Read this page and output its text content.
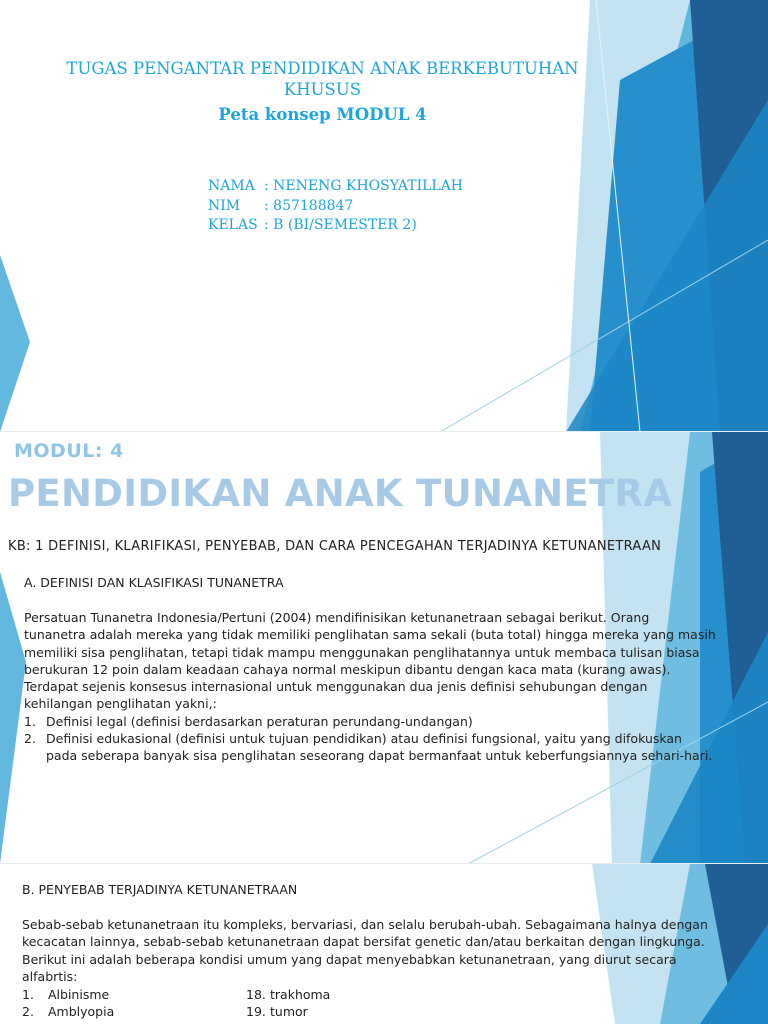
TUGAS PENGANTAR PENDIDIKAN ANAK BERKEBUTUHAN KHUSUS
Peta konsep MODUL 4
NAMA : NENENG KHOSYATILLAH
NIM	: 857188847
KELAS : B (BI/SEMESTER 2)
MODUL: 4
PENDIDIKAN ANAK TUNANETRA
KB: 1 DEFINISI, KLARIFIKASI, PENYEBAB, DAN CARA PENCEGAHAN TERJADINYA KETUNANETRAAN
A. DEFINISI DAN KLASIFIKASI TUNANETRA

Persatuan Tunanetra Indonesia/Pertuni (2004) mendifinisikan ketunanetraan sebagai berikut. Orang

tunanetra adalah mereka yang tidak memiliki penglihatan sama sekali (buta total) hingga mereka yang masih

memiliki sisa penglihatan, tetapi tidak mampu menggunakan penglihatannya untuk membaca tulisan biasa

berukuran 12 poin dalam keadaan cahaya normal meskipun dibantu dengan kaca mata (kurang awas).

Terdapat sejenis konsesus internasional untuk menggunakan dua jenis definisi sehubungan dengan

kehilangan penglihatan yakni,:

1. Definisi legal (definisi berdasarkan peraturan perundang-undangan)
2. Definisi edukasional (definisi untuk tujuan pendidikan) atau definisi fungsional, yaitu yang difokuskan
pada seberapa banyak sisa penglihatan seseorang dapat bermanfaat untuk keberfungsiannya sehari-hari.
B. PENYEBAB TERJADINYA KETUNANETRAAN

Sebab-sebab ketunanetraan itu kompleks, bervariasi, dan selalu berubah-ubah. Sebagaimana halnya dengan

kecacatan lainnya, sebab-sebab ketunanetraan dapat bersifat genetic dan/atau berkaitan dengan lingkunga.

Berikut ini adalah beberapa kondisi umum yang dapat menyebabkan ketunanetraan, yang diurut secara

alfabrtis:

1.	Albinisme
2.	Amblyopia
18. trakhoma
19. tumor
